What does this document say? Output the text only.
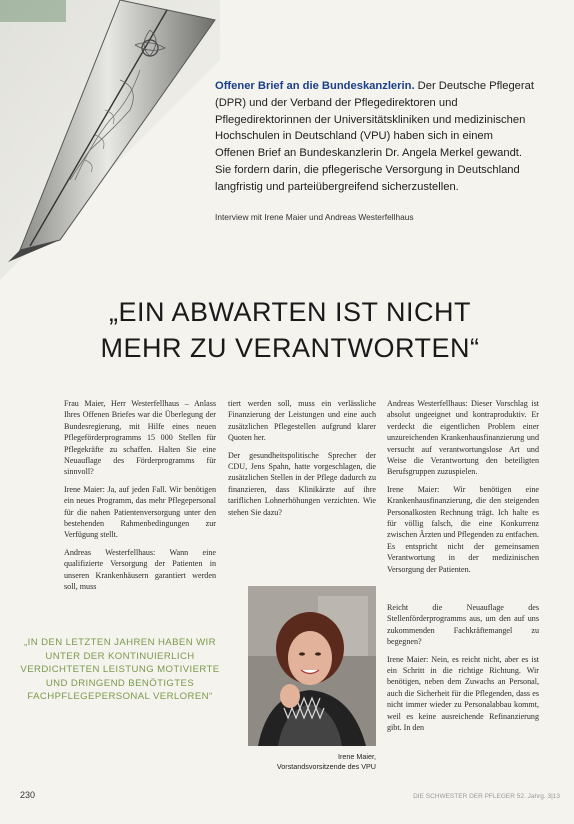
Offener Brief an die Bundeskanzlerin. Der Deutsche Pflegerat (DPR) und der Verband der Pflegedirektoren und Pflegedirektorinnen der Universitätskliniken und medizinischen Hochschulen in Deutschland (VPU) haben sich in einem Offenen Brief an Bundeskanzlerin Dr. Angela Merkel gewandt. Sie fordern darin, die pflegerische Versorgung in Deutschland langfristig und parteiübergreifend sicherzustellen.
Interview mit Irene Maier und Andreas Westerfellhaus
„EIN ABWARTEN IST NICHT
MEHR ZU VERANTWORTEN“

Frau Maier, Herr Westerfellhaus – Anlass Ihres Offenen Briefes war die Überlegung der Bundesregierung, mit Hilfe eines neuen Pflegeförderprogramms 15 000 Stellen für Pflegekräfte zu schaffen. Halten Sie eine Neuauflage des Förderprogramms für sinnvoll?

Irene Maier: Ja, auf jeden Fall. Wir benötigen ein neues Programm, das mehr Pflegepersonal für die nahen Patientenversorgung unter den bestehenden Rahmenbedingungen zur Verfügung stellt.

Andreas Westerfellhaus: Wann eine qualifizierte Versorgung der Patienten in unseren Krankenhäusern garantiert werden soll, muss

tiert werden soll, muss ein verlässliche Finanzierung der Leistungen und eine auch zusätzlichen Pflegestellen aufgrund klarer Quoten her.

Der gesundheitspolitische Sprecher der CDU, Jens Spahn, hatte vorgeschlagen, die zusätzlichen Stellen in der Pflege dadurch zu finanzieren, dass Klinikärzte auf ihre tariflichen Lohnerhöhungen verzichten. Wie stehen Sie dazu?

Andreas Westerfellhaus: Dieser Vorschlag ist absolut ungeeignet und kontraproduktiv. Er verdeckt die eigentlichen Problem einer unzureichenden Krankenhausfinanzierung und versucht auf verantwortungslose Art und Weise die Verantwortung den beteiligten Berufsgruppen zuzuspielen.

Irene Maier: Wir benötigen eine Krankenhausfinanzierung, die den steigenden Personalkosten Rechnung trägt. Ich halte es für völlig falsch, die eine Konkurrenz zwischen Ärzten und Pflegenden zu entfachen. Es entspricht nicht der gemeinsamen Verantwortung in der medizinischen Versorgung der Patienten.

Reicht die Neuauflage des Stellenförderprogramms aus, um den auf uns zukommenden Fachkräftemangel zu begegnen?

Irene Maier: Nein, es reicht nicht, aber es ist ein Schritt in die richtige Richtung. Wir benötigen, neben dem Zuwachs an Personal, auch die Sicherheit für die Pflegenden, dass es nicht immer wieder zu Personalabbau kommt, weil es keine ausreichende Refinanzierung gibt. In den

„IN DEN LETZTEN JAHREN HABEN WIR UNTER DER KONTINUIERLICH VERDICHTETEN LEISTUNG MOTIVIERTE UND DRINGEND BENÖTIGTES FACHPFLEGEPERSONAL VERLOREN“
Irene Maier,
Vorstandsvorsitzende des VPU
230	DIE SCHWESTER DER PFLEGER 52. Jahrg. 3|13
